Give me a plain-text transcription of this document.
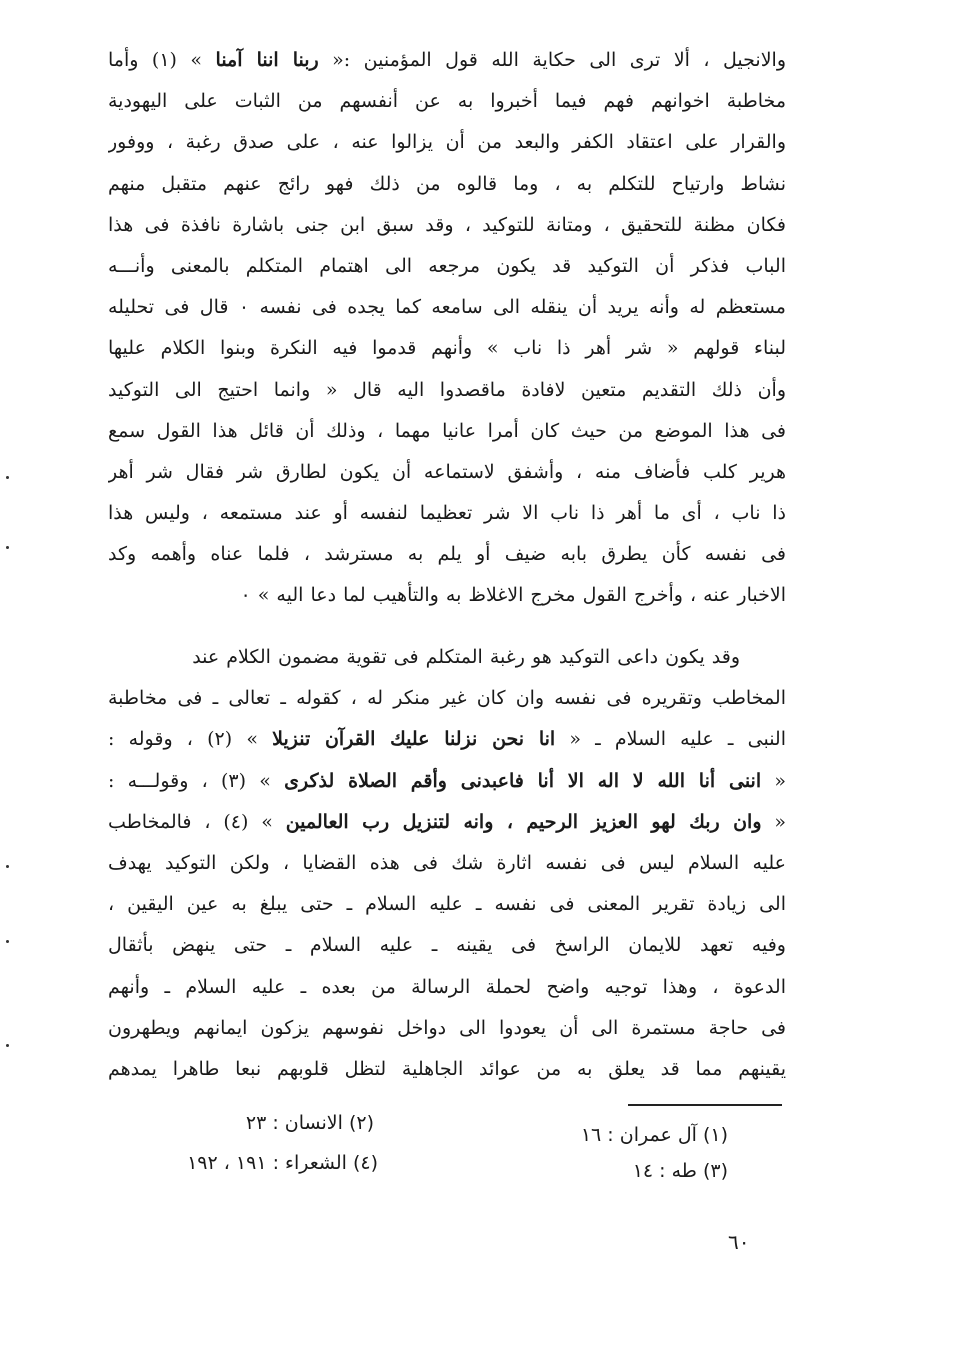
والانجيل ، ألا ترى الى حكاية الله قول المؤمنين :« ربنا اننا آمنا » (١) وأما
مخاطبة اخوانهم فهم فيما أخبروا به عن أنفسهم من الثبات على اليهودية
والقرار على اعتقاد الكفر والبعد من أن يزالوا عنه ، على صدق رغبة ، ووفور
نشاط وارتياح للتكلم به ، وما قالوه من ذلك فهو رائج عنهم متقبل منهم
فكان مظنة للتحقيق ، ومتانة للتوكيد ، وقد سبق ابن جنى باشارة نافذة فى هذا
الباب فذكر أن التوكيد قد يكون مرجعه الى اهتمام المتكلم بالمعنى وأنـــه
مستعظم له وأنه يريد أن ينقله الى سامعه كما يجده فى نفسه ٠ قال فى تحليله
لبناء قولهم « شر أهر ذا ناب » وأنهم قدموا فيه النكرة وبنوا الكلام عليها
وأن ذلك التقديم متعين لافادة ماقصدوا اليه قال « وانما احتيج الى التوكيد
فى هذا الموضع من حيث كان أمرا عانيا مهما ، وذلك أن قائل هذا القول سمع
هرير كلب فأضاف منه ، وأشفق لاستماعه أن يكون لطارق شر فقال شر أهر
ذا ناب ، أى ما أهر ذا ناب الا شر تعظيما لنفسه أو عند مستمعه ، وليس هذا
فى نفسه كأن يطرق بابه ضيف أو يلم به مسترشد ، فلما عناه وأهمه وكد
الاخبار عنه ، وأخرج القول مخرج الاغلاظ به والتأهيب لما دعا اليه » ٠
وقد يكون داعى التوكيد هو رغبة المتكلم فى تقوية مضمون الكلام عند
المخاطب وتقريره فى نفسه وان كان غير منكر له ، كقوله ـ تعالى ـ فى مخاطبة
النبى ـ عليه السلام ـ « انا نحن نزلنا عليك القرآن تنزيلا » (٢) ، وقوله :
« اننى أنا الله لا اله الا أنا فاعبدنى وأقم الصلاة لذكرى » (٣) ، وقولـــه :
« وان ربك لهو العزيز الرحيم ، وانه لتنزيل رب العالمين » (٤) ، فالمخاطب
عليه السلام ليس فى نفسه اثارة شك فى هذه القضايا ، ولكن التوكيد يهدف
الى زيادة تقرير المعنى فى نفسه ـ عليه السلام ـ حتى يبلغ به عين اليقين ،
وفيه تعهد للايمان الراسخ فى يقينه ـ عليه السلام ـ حتى ينهض بأثقال
الدعوة ، وهذا توجيه واضح لحملة الرسالة من بعده ـ عليه السلام ـ وأنهم
فى حاجة مستمرة الى أن يعودوا الى دواخل نفوسهم يزكون ايمانهم ويطهرون
يقينهم مما قد يعلق به من عوائد الجاهلية لتظل قلوبهم نبعا طاهرا يمدهم
(١) آل عمران : ١٦
(٢) الانسان : ٢٣
(٣) طه : ١٤
(٤) الشعراء : ١٩١ ، ١٩٢
٦٠
